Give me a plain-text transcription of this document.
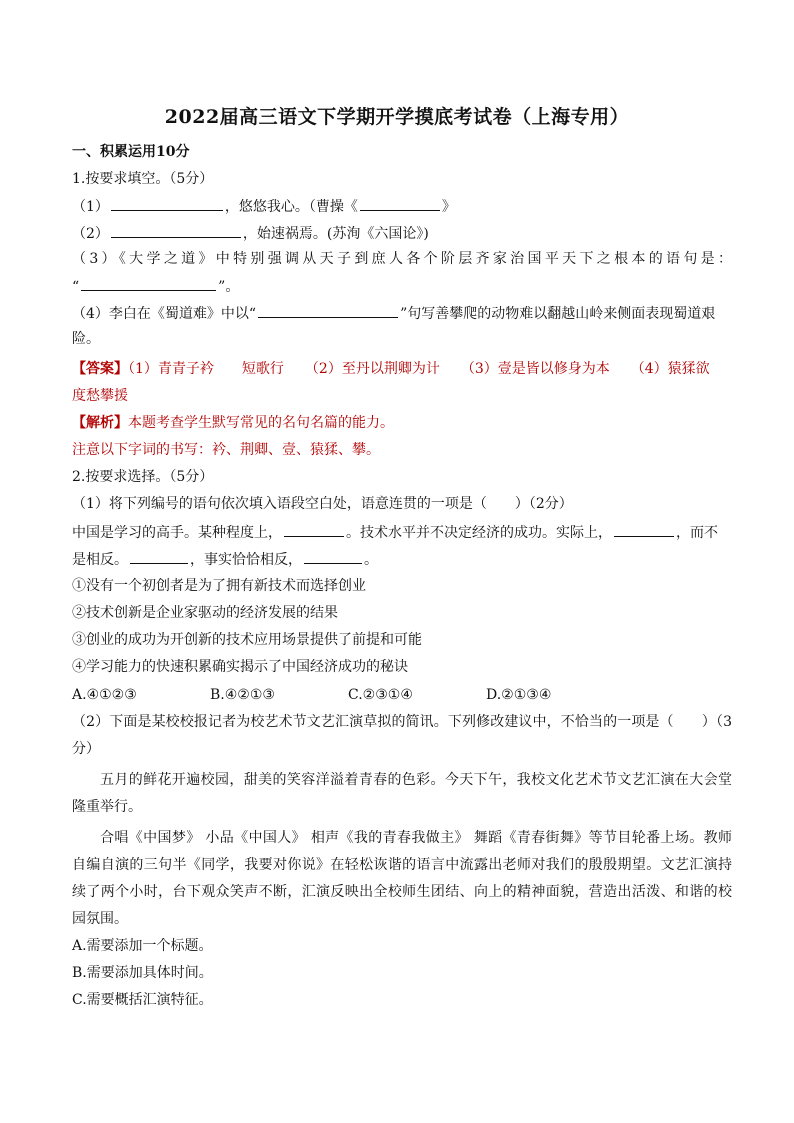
2022届高三语文下学期开学摸底考试卷（上海专用）
一、积累运用10分
1.按要求填空。（5分）
（1）	，悠悠我心。（曹操《	》
（2）	，始速祸焉。(苏洵《六国论》)
（3）《大学之道》中特别强调从天子到庶人各个阶层齐家治国平天下之根本的语句是：
“	”。
（4）李白在《蜀道难》中以“	”句写善攀爬的动物难以翻越山岭来侧面表现蜀道艰
险。
【答案】（1）青青子衿　　短歌行　　（2）至丹以荆卿为计　　（3）壹是皆以修身为本　　（4）猿猱欲
度愁攀援
【解析】本题考查学生默写常见的名句名篇的能力。
注意以下字词的书写：衿、荆卿、壹、猿猱、攀。
2.按要求选择。（5分）
（1）将下列编号的语句依次填入语段空白处，语意连贯的一项是（　　）（2分）
中国是学习的高手。某种程度上，	。技术水平并不决定经济的成功。实际上，	，而不
是相反。	，事实恰恰相反，	。
①没有一个初创者是为了拥有新技术而选择创业
②技术创新是企业家驱动的经济发展的结果
③创业的成功为开创新的技术应用场景提供了前提和可能
④学习能力的快速积累确实揭示了中国经济成功的秘诀
A.④①②③	B.④②①③	C.②③①④	D.②①③④
（2）下面是某校校报记者为校艺术节文艺汇演草拟的简讯。下列修改建议中，不恰当的一项是（　　）（3
分）
五月的鲜花开遍校园，甜美的笑容洋溢着青春的色彩。今天下午，我校文化艺术节文艺汇演在大会堂
隆重举行。
合唱《中国梦》 小品《中国人》 相声《我的青春我做主》 舞蹈《青春街舞》等节目轮番上场。教师
自编自演的三句半《同学，我要对你说》在轻松诙谐的语言中流露出老师对我们的殷殷期望。文艺汇演持
续了两个小时，台下观众笑声不断，汇演反映出全校师生团结、向上的精神面貌，营造出活泼、和谐的校
园氛围。
A.需要添加一个标题。
B.需要添加具体时间。
C.需要概括汇演特征。
